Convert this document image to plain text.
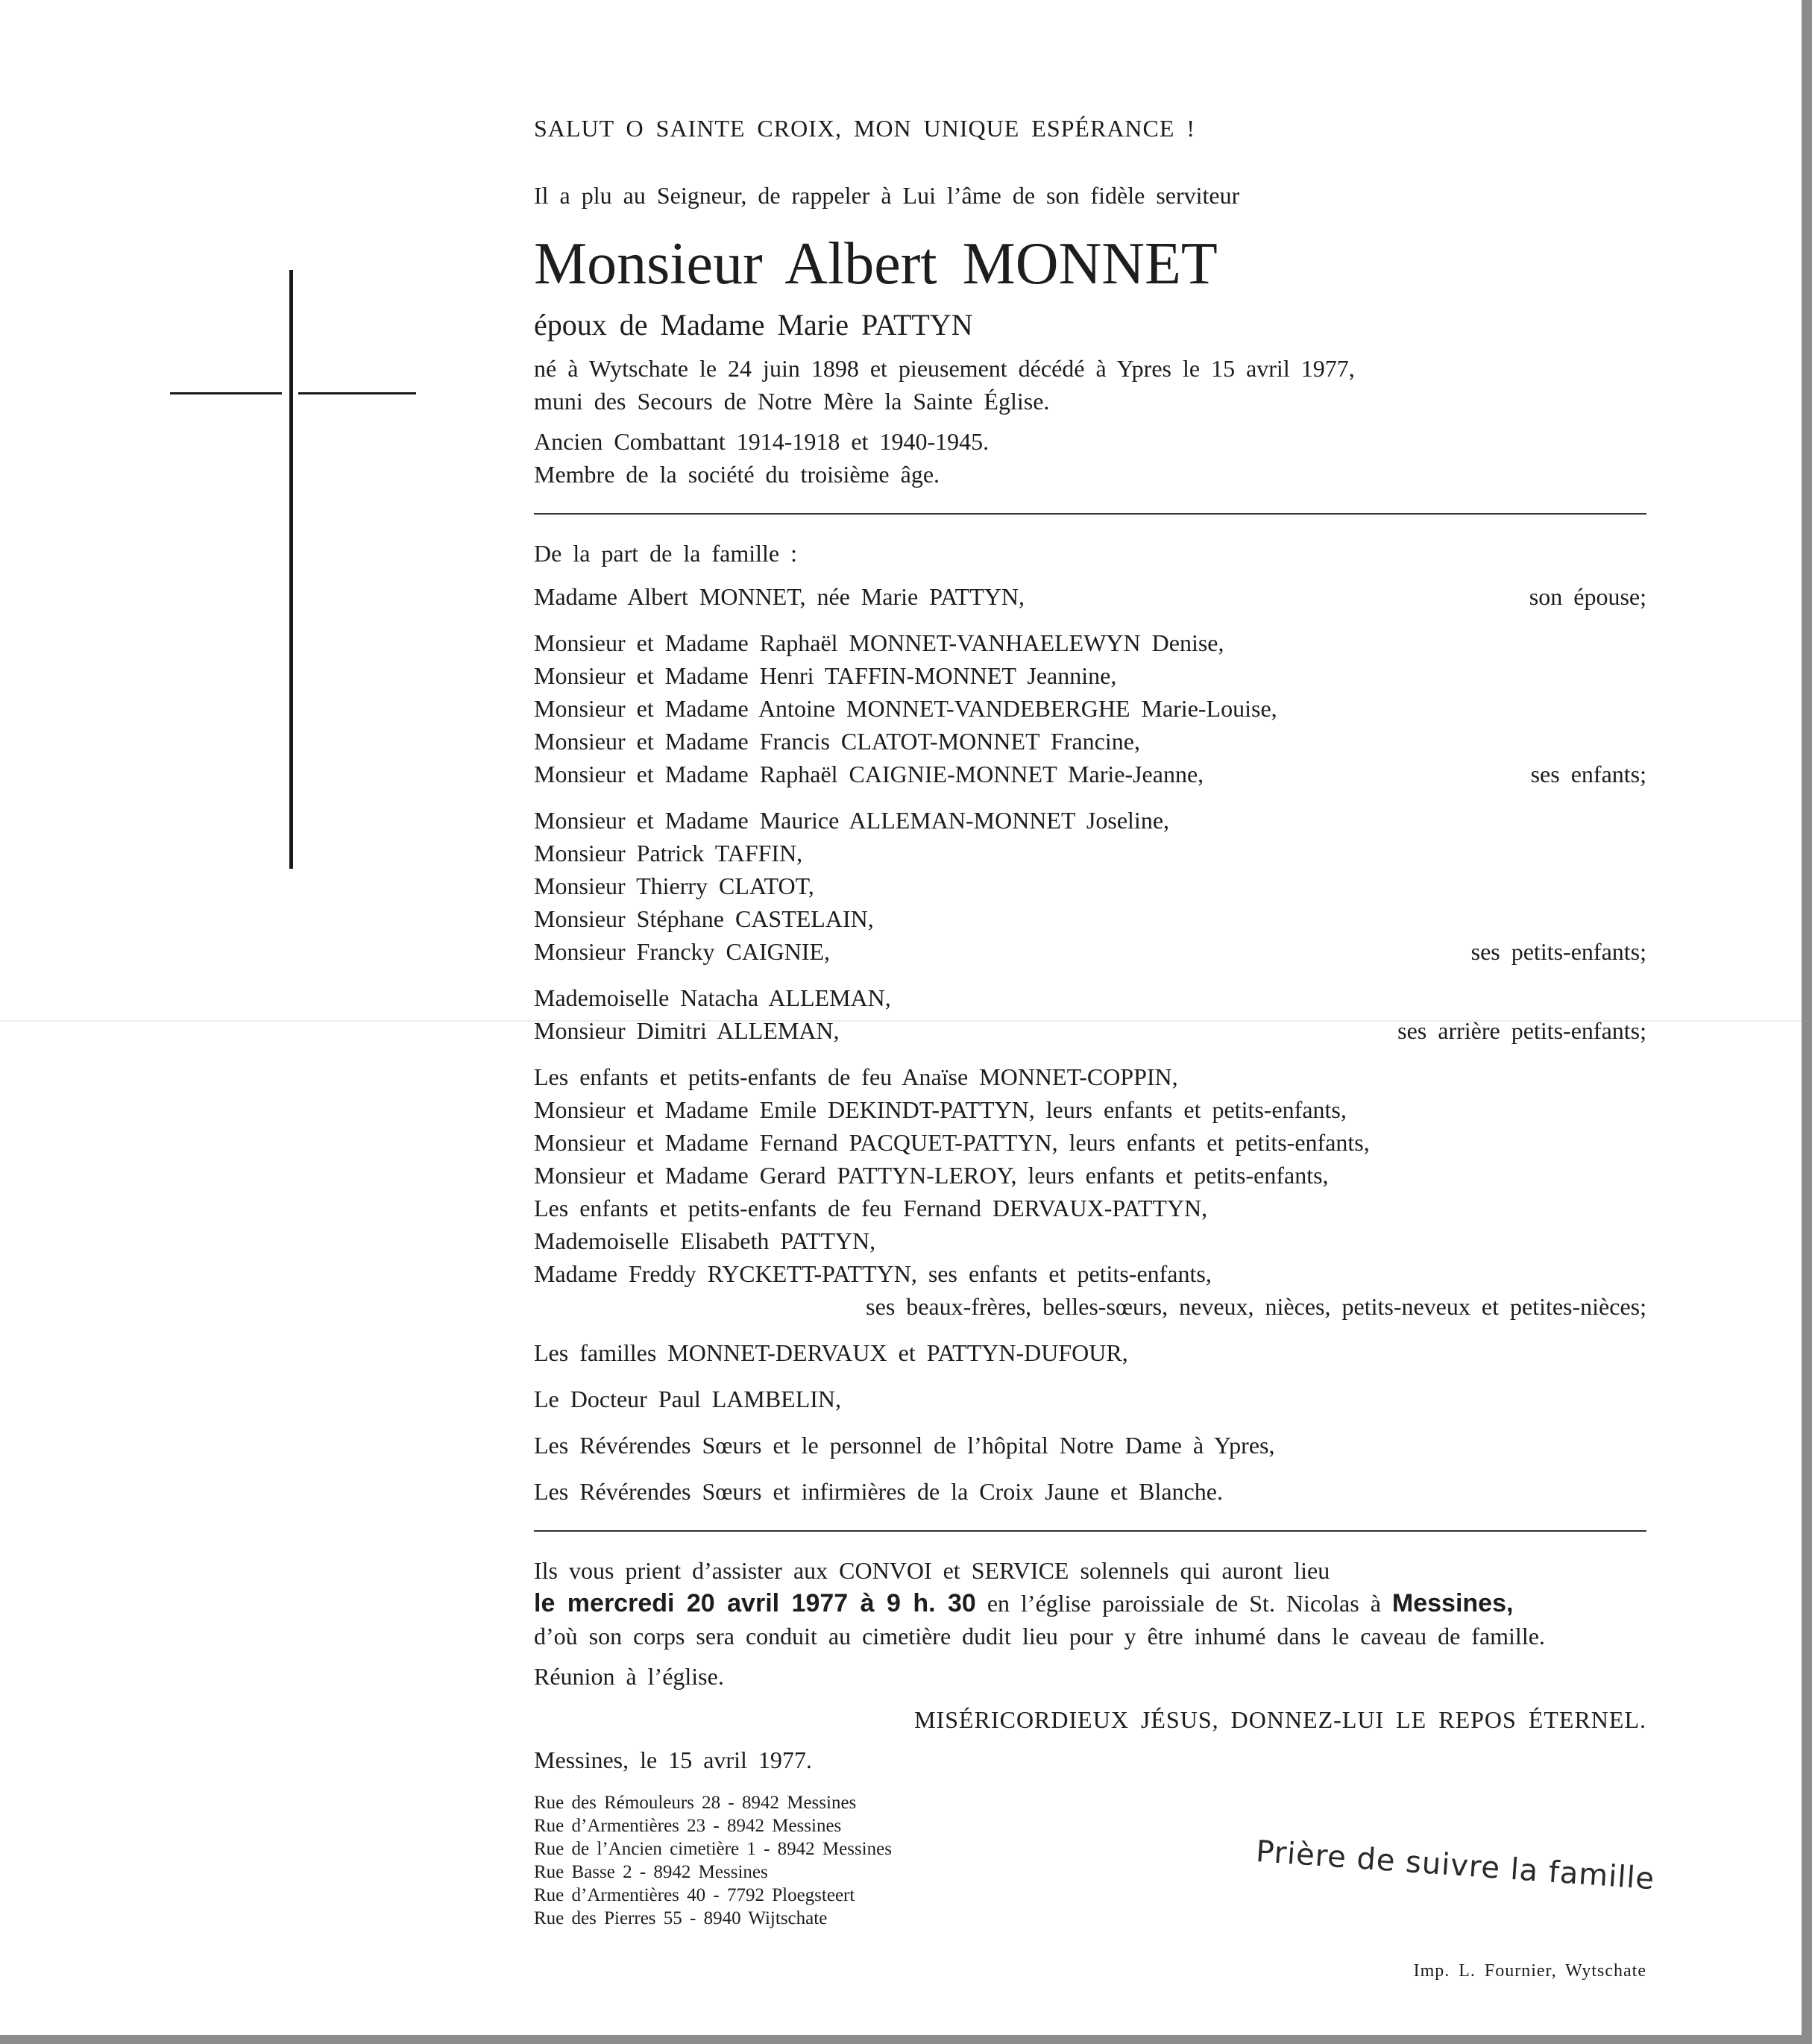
SALUT O SAINTE CROIX, MON UNIQUE ESPÉRANCE !
Il a plu au Seigneur, de rappeler à Lui l’âme de son fidèle serviteur
Monsieur Albert MONNET
époux de Madame Marie PATTYN
né à Wytschate le 24 juin 1898 et pieusement décédé à Ypres le 15 avril 1977,
muni des Secours de Notre Mère la Sainte Église.
Ancien Combattant 1914-1918 et 1940-1945.
Membre de la société du troisième âge.
De la part de la famille :
Madame Albert MONNET, née Marie PATTYN,	son épouse;
Monsieur et Madame Raphaël MONNET-VANHAELEWYN Denise,
Monsieur et Madame Henri TAFFIN-MONNET Jeannine,
Monsieur et Madame Antoine MONNET-VANDEBERGHE Marie-Louise,
Monsieur et Madame Francis CLATOT-MONNET Francine,
Monsieur et Madame Raphaël CAIGNIE-MONNET Marie-Jeanne,	ses enfants;
Monsieur et Madame Maurice ALLEMAN-MONNET Joseline,
Monsieur Patrick TAFFIN,
Monsieur Thierry CLATOT,
Monsieur Stéphane CASTELAIN,
Monsieur Francky CAIGNIE,	ses petits-enfants;
Mademoiselle Natacha ALLEMAN,
Monsieur Dimitri ALLEMAN,	ses arrière petits-enfants;
Les enfants et petits-enfants de feu Anaïse MONNET-COPPIN,
Monsieur et Madame Emile DEKINDT-PATTYN, leurs enfants et petits-enfants,
Monsieur et Madame Fernand PACQUET-PATTYN, leurs enfants et petits-enfants,
Monsieur et Madame Gerard PATTYN-LEROY, leurs enfants et petits-enfants,
Les enfants et petits-enfants de feu Fernand DERVAUX-PATTYN,
Mademoiselle Elisabeth PATTYN,
Madame Freddy RYCKETT-PATTYN, ses enfants et petits-enfants,
ses beaux-frères, belles-sœurs, neveux, nièces, petits-neveux et petites-nièces;
Les familles MONNET-DERVAUX et PATTYN-DUFOUR,
Le Docteur Paul LAMBELIN,
Les Révérendes Sœurs et le personnel de l’hôpital Notre Dame à Ypres,
Les Révérendes Sœurs et infirmières de la Croix Jaune et Blanche.
Ils vous prient d’assister aux CONVOI et SERVICE solennels qui auront lieu
le mercredi 20 avril 1977 à 9 h. 30 en l’église paroissiale de St. Nicolas à Messines,
d’où son corps sera conduit au cimetière dudit lieu pour y être inhumé dans le caveau de famille.
Réunion à l’église.
MISÉRICORDIEUX JÉSUS, DONNEZ-LUI LE REPOS ÉTERNEL.
Messines, le 15 avril 1977.
Rue des Rémouleurs 28 - 8942 Messines
Rue d’Armentières 23 - 8942 Messines
Rue de l’Ancien cimetière 1 - 8942 Messines
Rue Basse 2 - 8942 Messines
Rue d’Armentières 40 - 7792 Ploegsteert
Rue des Pierres 55 - 8940 Wijtschate
Prière de suivre la famille
Imp. L. Fournier, Wytschate
